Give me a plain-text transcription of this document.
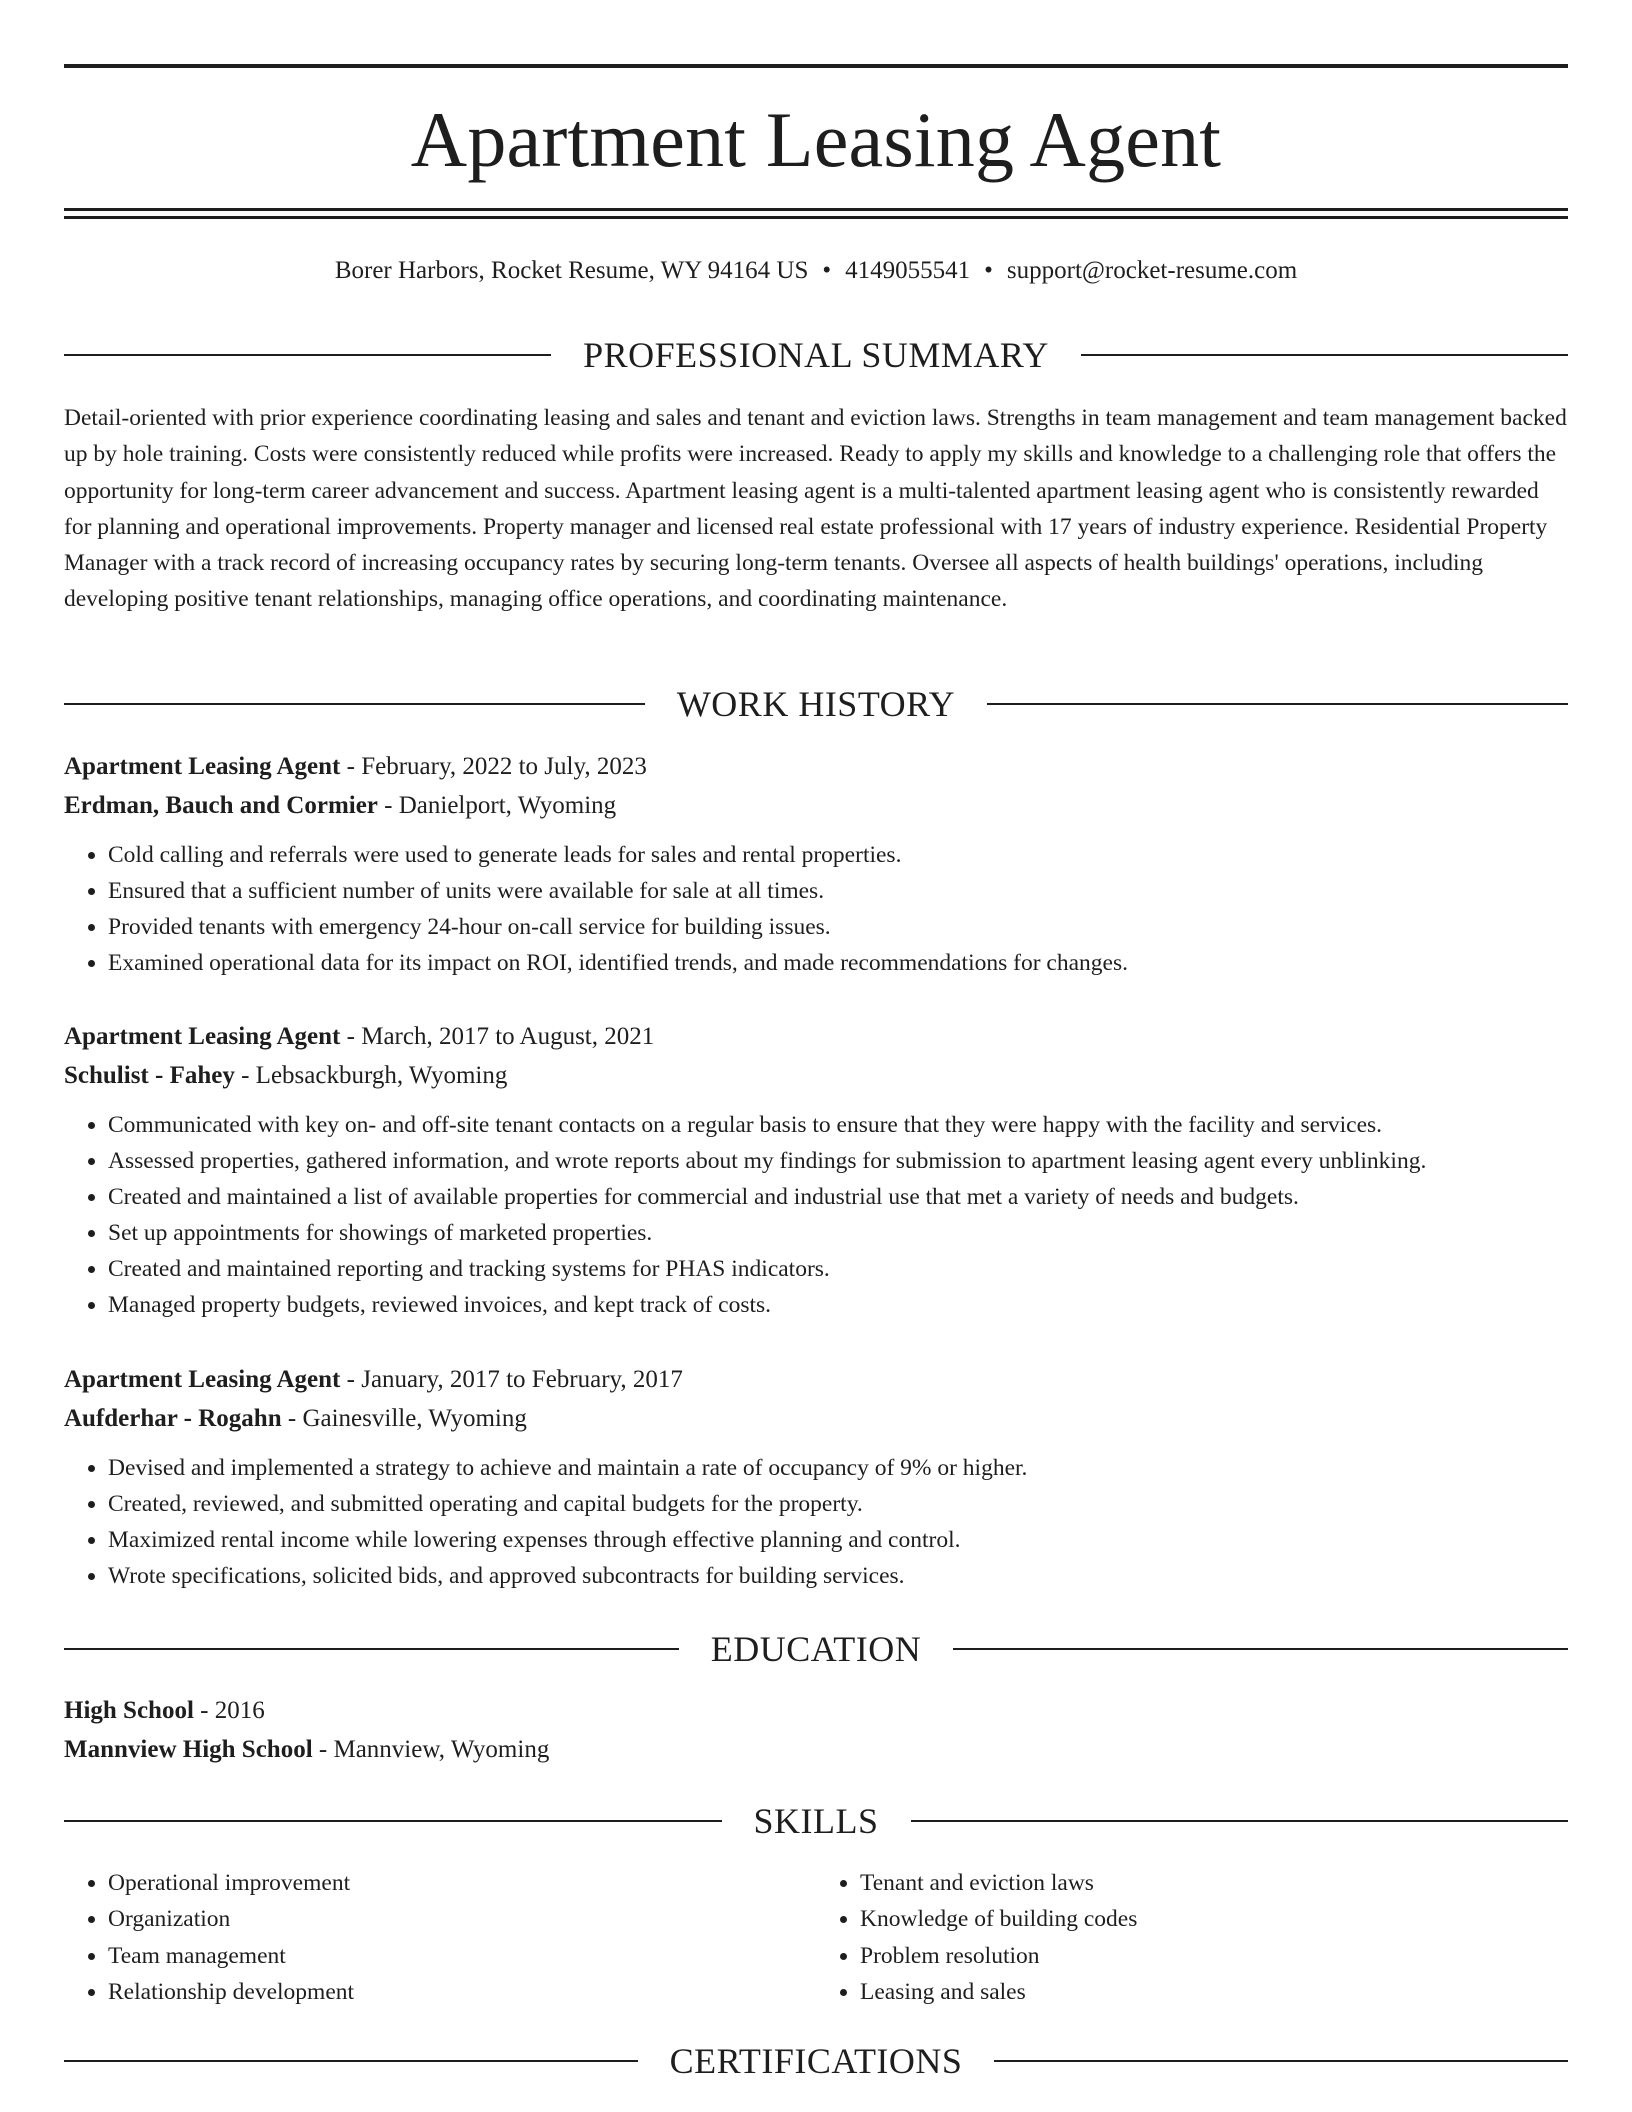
Apartment Leasing Agent
Borer Harbors, Rocket Resume, WY 94164 US • 4149055541 • support@rocket-resume.com
PROFESSIONAL SUMMARY
Detail-oriented with prior experience coordinating leasing and sales and tenant and eviction laws. Strengths in team management and team management backed up by hole training. Costs were consistently reduced while profits were increased. Ready to apply my skills and knowledge to a challenging role that offers the opportunity for long-term career advancement and success. Apartment leasing agent is a multi-talented apartment leasing agent who is consistently rewarded for planning and operational improvements. Property manager and licensed real estate professional with 17 years of industry experience. Residential Property Manager with a track record of increasing occupancy rates by securing long-term tenants. Oversee all aspects of health buildings' operations, including developing positive tenant relationships, managing office operations, and coordinating maintenance.
WORK HISTORY
Apartment Leasing Agent - February, 2022 to July, 2023
Erdman, Bauch and Cormier - Danielport, Wyoming
• Cold calling and referrals were used to generate leads for sales and rental properties.
• Ensured that a sufficient number of units were available for sale at all times.
• Provided tenants with emergency 24-hour on-call service for building issues.
• Examined operational data for its impact on ROI, identified trends, and made recommendations for changes.
Apartment Leasing Agent - March, 2017 to August, 2021
Schulist - Fahey - Lebsackburgh, Wyoming
• Communicated with key on- and off-site tenant contacts on a regular basis to ensure that they were happy with the facility and services.
• Assessed properties, gathered information, and wrote reports about my findings for submission to apartment leasing agent every unblinking.
• Created and maintained a list of available properties for commercial and industrial use that met a variety of needs and budgets.
• Set up appointments for showings of marketed properties.
• Created and maintained reporting and tracking systems for PHAS indicators.
• Managed property budgets, reviewed invoices, and kept track of costs.
Apartment Leasing Agent - January, 2017 to February, 2017
Aufderhar - Rogahn - Gainesville, Wyoming
• Devised and implemented a strategy to achieve and maintain a rate of occupancy of 9% or higher.
• Created, reviewed, and submitted operating and capital budgets for the property.
• Maximized rental income while lowering expenses through effective planning and control.
• Wrote specifications, solicited bids, and approved subcontracts for building services.
EDUCATION
High School - 2016
Mannview High School - Mannview, Wyoming
SKILLS
• Operational improvement
• Organization
• Team management
• Relationship development
• Tenant and eviction laws
• Knowledge of building codes
• Problem resolution
• Leasing and sales
CERTIFICATIONS
